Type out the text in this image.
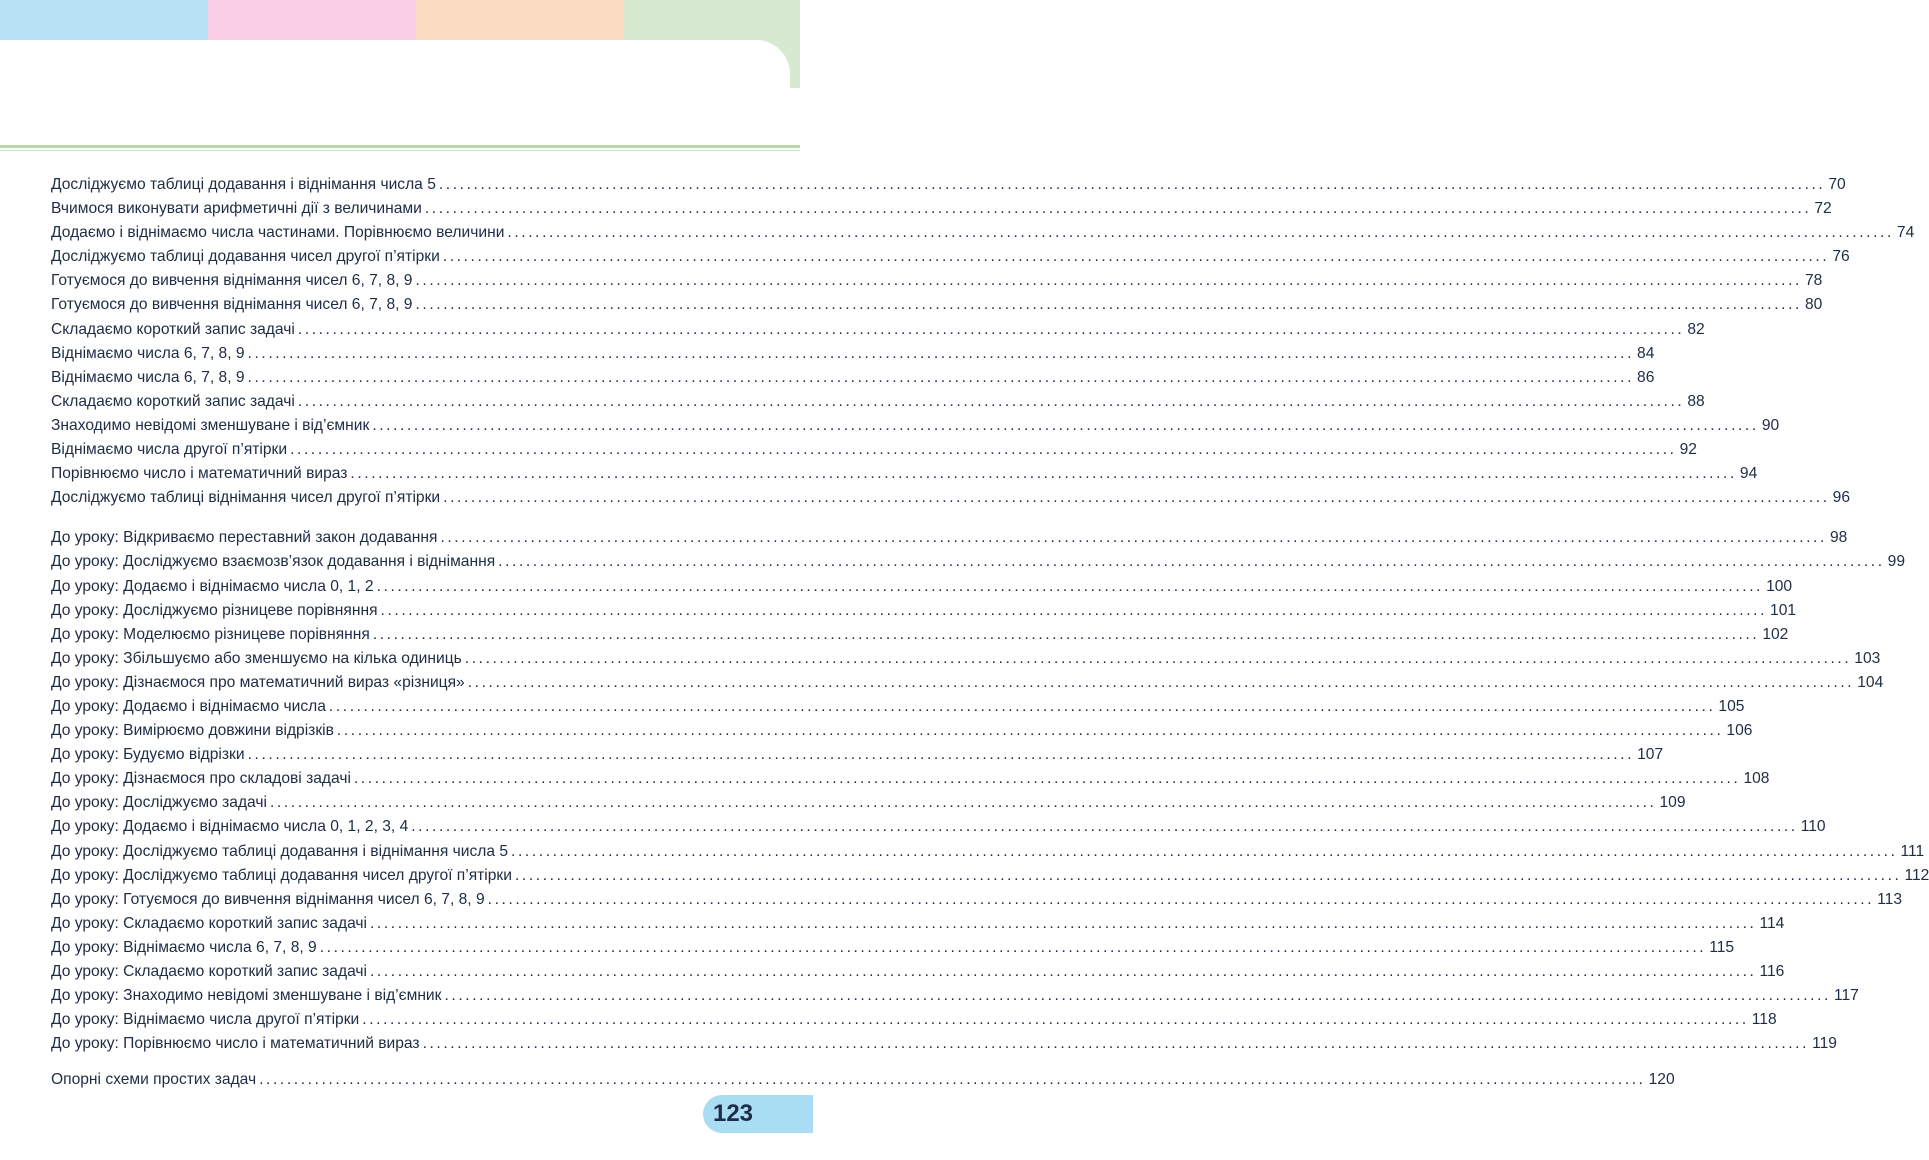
Досліджуємо таблиці додавання і віднімання числа 5 ........................................................................................................................................................................................................ 70
Вчимося виконувати арифметичні дії з величинами ........................................................................................................................................................................................................ 72
Додаємо і віднімаємо числа частинами. Порівнюємо величини ........................................................................................................................................................................................................ 74
Досліджуємо таблиці додавання чисел другої п’ятірки ........................................................................................................................................................................................................ 76
Готуємося до вивчення віднімання чисел 6, 7, 8, 9 ........................................................................................................................................................................................................ 78
Готуємося до вивчення віднімання чисел 6, 7, 8, 9 ........................................................................................................................................................................................................ 80
Складаємо короткий запис задачі ........................................................................................................................................................................................................ 82
Віднімаємо числа 6, 7, 8, 9 ........................................................................................................................................................................................................ 84
Віднімаємо числа 6, 7, 8, 9 ........................................................................................................................................................................................................ 86
Складаємо короткий запис задачі ........................................................................................................................................................................................................ 88
Знаходимо невідомі зменшуване і від’ємник ........................................................................................................................................................................................................ 90
Віднімаємо числа другої п’ятірки ........................................................................................................................................................................................................ 92
Порівнюємо число і математичний вираз ........................................................................................................................................................................................................ 94
Досліджуємо таблиці віднімання чисел другої п’ятірки ........................................................................................................................................................................................................ 96
До уроку: Відкриваємо переставний закон додавання ........................................................................................................................................................................................................ 98
До уроку: Досліджуємо взаємозв’язок додавання і віднімання ........................................................................................................................................................................................................ 99
До уроку: Додаємо і віднімаємо числа 0, 1, 2 ........................................................................................................................................................................................................ 100
До уроку: Досліджуємо різницеве порівняння ........................................................................................................................................................................................................ 101
До уроку: Моделюємо різницеве порівняння ........................................................................................................................................................................................................ 102
До уроку: Збільшуємо або зменшуємо на кілька одиниць ........................................................................................................................................................................................................ 103
До уроку: Дізнаємося про математичний вираз «різниця» ........................................................................................................................................................................................................ 104
До уроку: Додаємо і віднімаємо числа ........................................................................................................................................................................................................ 105
До уроку: Вимірюємо довжини відрізків ........................................................................................................................................................................................................ 106
До уроку: Будуємо відрізки ........................................................................................................................................................................................................ 107
До уроку: Дізнаємося про складові задачі ........................................................................................................................................................................................................ 108
До уроку: Досліджуємо задачі ........................................................................................................................................................................................................ 109
До уроку: Додаємо і віднімаємо числа 0, 1, 2, 3, 4 ........................................................................................................................................................................................................ 110
До уроку: Досліджуємо таблиці додавання і віднімання числа 5 ........................................................................................................................................................................................................ 111
До уроку: Досліджуємо таблиці додавання чисел другої п’ятірки ........................................................................................................................................................................................................ 112
До уроку: Готуємося до вивчення віднімання чисел 6, 7, 8, 9 ........................................................................................................................................................................................................ 113
До уроку: Складаємо короткий запис задачі ........................................................................................................................................................................................................ 114
До уроку: Віднімаємо числа 6, 7, 8, 9 ........................................................................................................................................................................................................ 115
До уроку: Складаємо короткий запис задачі ........................................................................................................................................................................................................ 116
До уроку: Знаходимо невідомі зменшуване і від’ємник ........................................................................................................................................................................................................ 117
До уроку: Віднімаємо числа другої п’ятірки ........................................................................................................................................................................................................ 118
До уроку: Порівнюємо число і математичний вираз ........................................................................................................................................................................................................ 119
Опорні схеми простих задач ........................................................................................................................................................................................................ 120
123
